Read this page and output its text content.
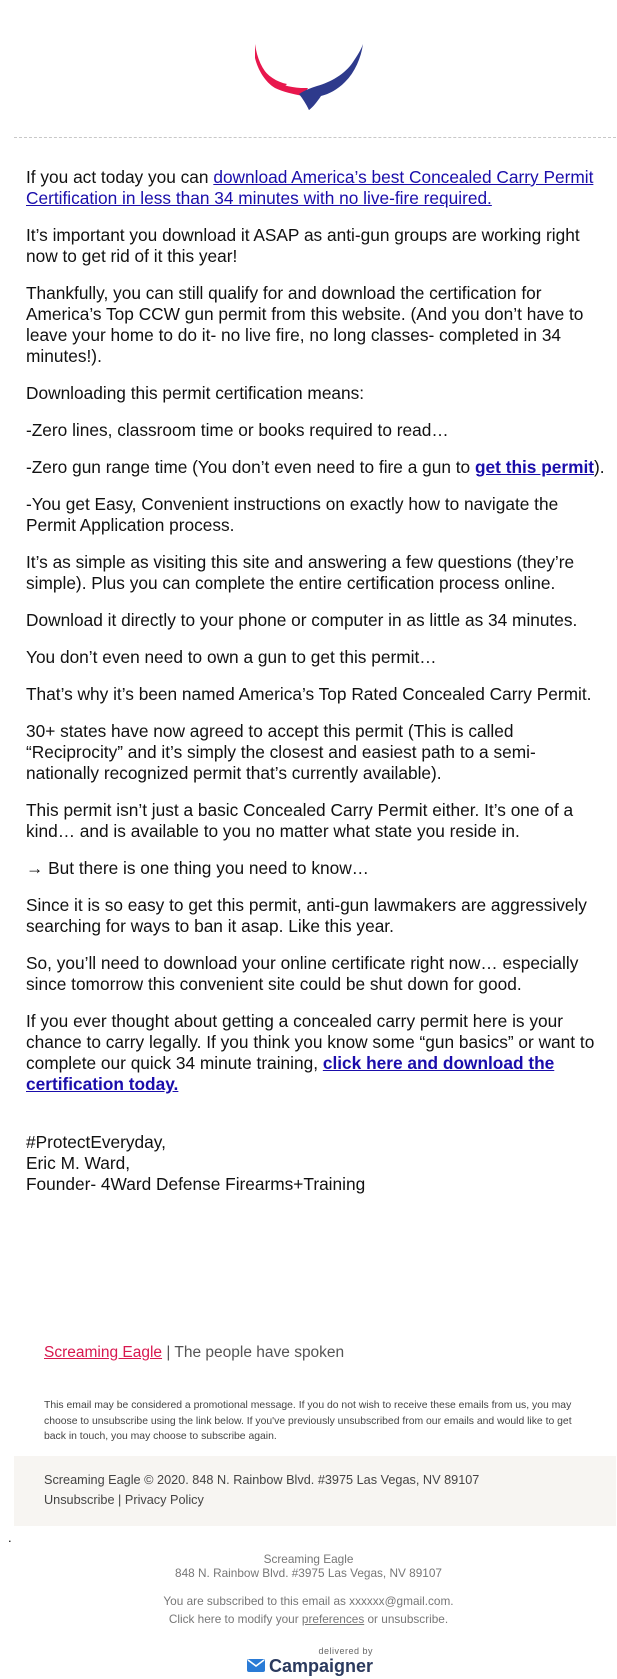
If you act today you can download America’s best Concealed Carry Permit Certification in less than 34 minutes with no live-fire required.

It’s important you download it ASAP as anti-gun groups are working right now to get rid of it this year!

Thankfully, you can still qualify for and download the certification for America’s Top CCW gun permit from this website. (And you don’t have to leave your home to do it- no live fire, no long classes- completed in 34 minutes!).

Downloading this permit certification means:

-Zero lines, classroom time or books required to read…

-Zero gun range time (You don’t even need to fire a gun to get this permit).

-You get Easy, Convenient instructions on exactly how to navigate the Permit Application process.

It’s as simple as visiting this site and answering a few questions (they’re simple). Plus you can complete the entire certification process online.

Download it directly to your phone or computer in as little as 34 minutes.

You don’t even need to own a gun to get this permit…

That’s why it’s been named America’s Top Rated Concealed Carry Permit.

30+ states have now agreed to accept this permit (This is called “Reciprocity” and it’s simply the closest and easiest path to a semi-nationally recognized permit that’s currently available).

This permit isn’t just a basic Concealed Carry Permit either. It’s one of a kind… and is available to you no matter what state you reside in.

→ But there is one thing you need to know…

Since it is so easy to get this permit, anti-gun lawmakers are aggressively searching for ways to ban it asap. Like this year.

So, you’ll need to download your online certificate right now… especially since tomorrow this convenient site could be shut down for good.

If you ever thought about getting a concealed carry permit here is your chance to carry legally. If you think you know some “gun basics” or want to complete our quick 34 minute training, click here and download the certification today.

#ProtectEveryday,
Eric M. Ward,
Founder- 4Ward Defense Firearms+Training
Screaming Eagle | The people have spoken
This email may be considered a promotional message. If you do not wish to receive these emails from us, you may choose to unsubscribe using the link below. If you've previously unsubscribed from our emails and would like to get back in touch, you may choose to subscribe again.
Screaming Eagle © 2020. 848 N. Rainbow Blvd. #3975 Las Vegas, NV 89107
Unsubscribe | Privacy Policy
.
Screaming Eagle
848 N. Rainbow Blvd. #3975 Las Vegas, NV 89107
You are subscribed to this email as xxxxxx@gmail.com.
Click here to modify your preferences or unsubscribe.
delivered by
Campaigner
